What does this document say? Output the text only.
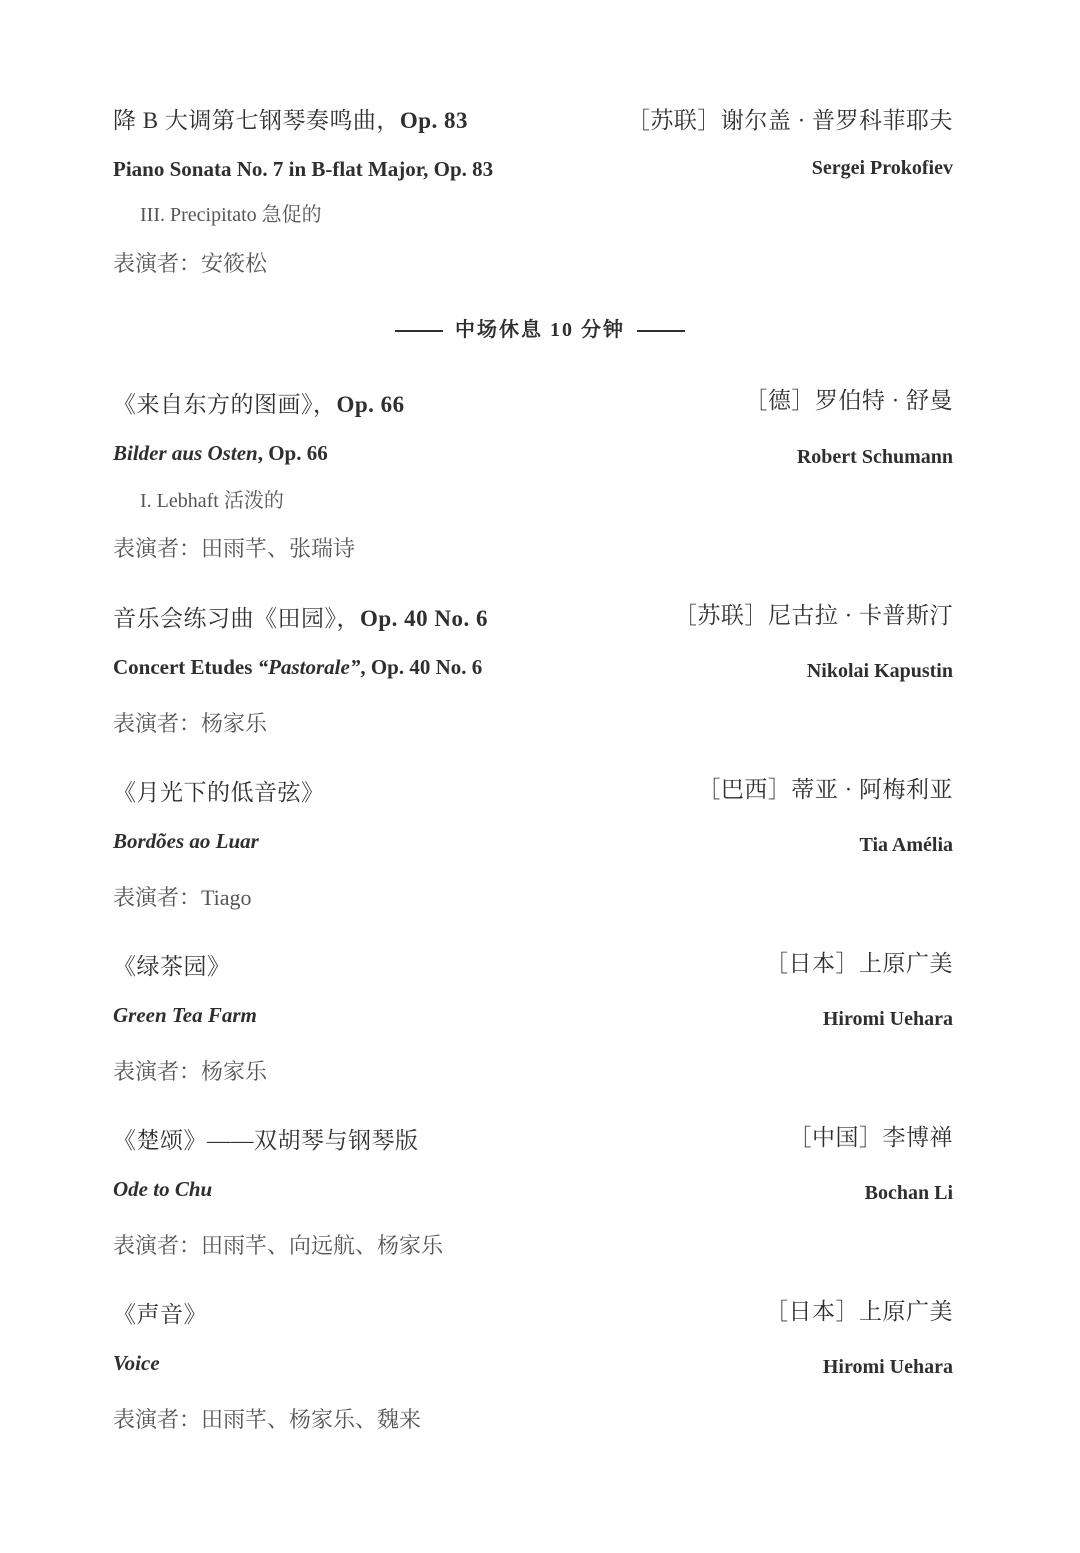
降 B 大调第七钢琴奏鸣曲，Op. 83	［苏联］谢尔盖 · 普罗科菲耶夫
Piano Sonata No. 7 in B-flat Major, Op. 83	Sergei Prokofiev
III. Precipitato 急促的
表演者：安筱松
中场休息 10 分钟
《来自东方的图画》，Op. 66	［德］罗伯特 · 舒曼
Bilder aus Osten, Op. 66	Robert Schumann
I. Lebhaft 活泼的
表演者：田雨芊、张瑞诗
音乐会练习曲《田园》，Op. 40 No. 6	［苏联］尼古拉 · 卡普斯汀
Concert Etudes “Pastorale”, Op. 40 No. 6	Nikolai Kapustin
表演者：杨家乐
《月光下的低音弦》	［巴西］蒂亚 · 阿梅利亚
Bordões ao Luar	Tia Amélia
表演者：Tiago
《绿茶园》	［日本］上原广美
Green Tea Farm	Hiromi Uehara
表演者：杨家乐
《楚颂》——双胡琴与钢琴版	［中国］李博禅
Ode to Chu	Bochan Li
表演者：田雨芊、向远航、杨家乐
《声音》	［日本］上原广美
Voice	Hiromi Uehara
表演者：田雨芊、杨家乐、魏来
